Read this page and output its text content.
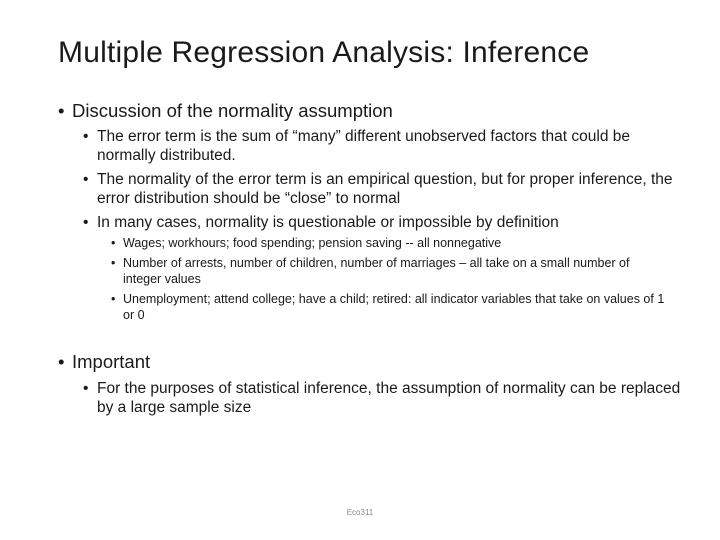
Multiple Regression Analysis: Inference
• Discussion of the normality assumption
• The error term is the sum of “many” different unobserved factors that could be normally distributed.
• The normality of the error term is an empirical question, but for proper inference, the error distribution should be “close” to normal
• In many cases, normality is questionable or impossible by definition
• Wages; workhours; food spending; pension saving -- all nonnegative
• Number of arrests, number of children, number of marriages – all take on a small number of integer values
• Unemployment; attend college; have a child; retired: all indicator variables that take on values of 1 or 0
• Important
• For the purposes of statistical inference, the assumption of normality can be replaced by a large sample size
Eco311
